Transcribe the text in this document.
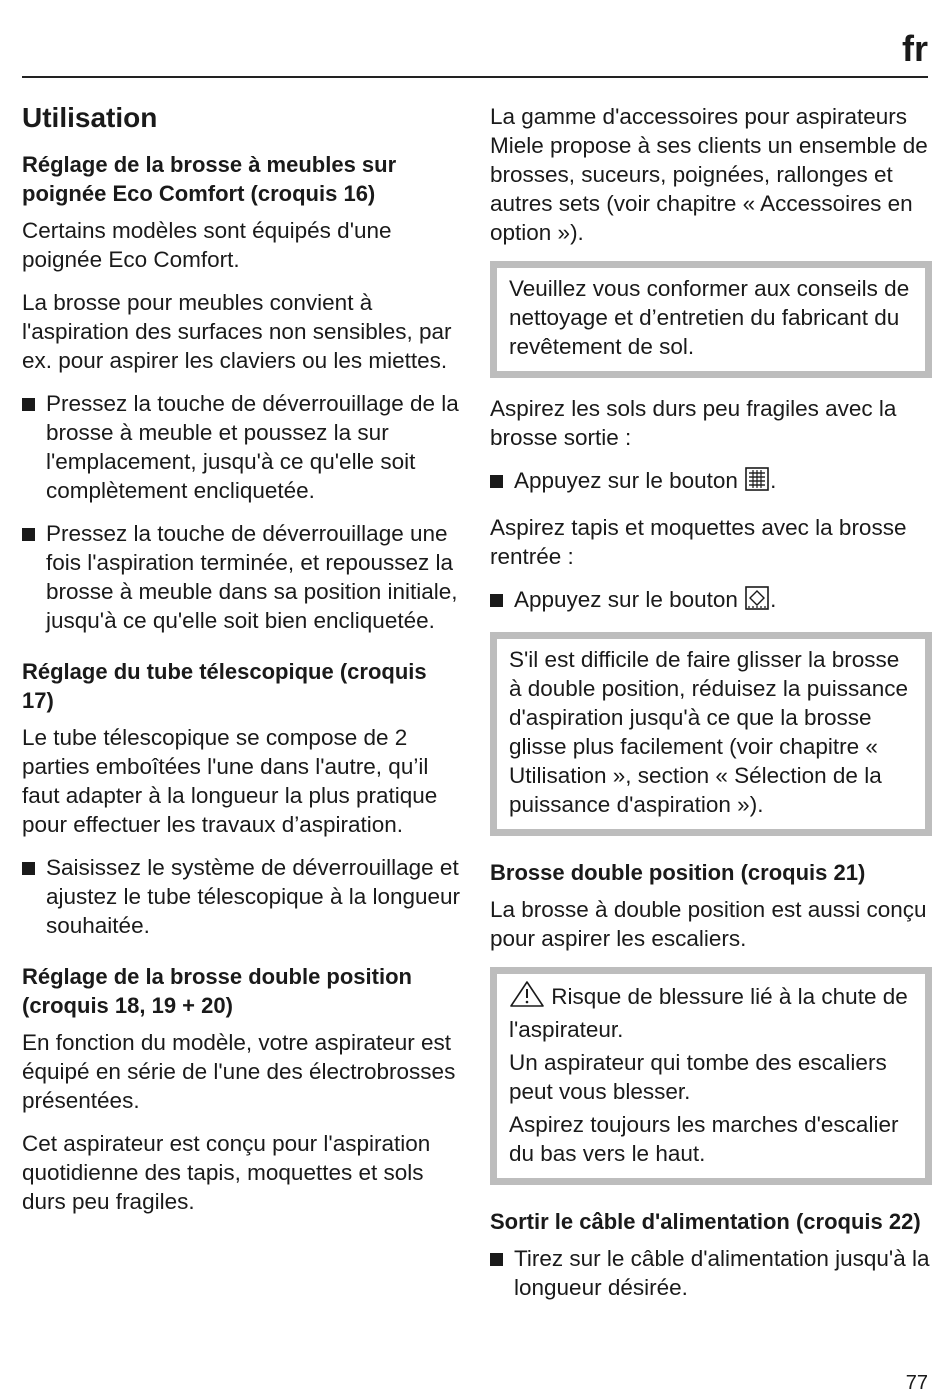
fr
Utilisation
Réglage de la brosse à meubles sur poignée Eco Comfort (croquis 16)

Certains modèles sont équipés d'une poignée Eco Comfort.

La brosse pour meubles convient à l'aspiration des surfaces non sensibles, par ex. pour aspirer les claviers ou les miettes.

Pressez la touche de déverrouillage de la brosse à meuble et poussez la sur l'emplacement, jusqu'à ce qu'elle soit complètement encliquetée.
Pressez la touche de déverrouillage une fois l'aspiration terminée, et repoussez la brosse à meuble dans sa position initiale, jusqu'à ce qu'elle soit bien encliquetée.
Réglage du tube télescopique (croquis 17)

Le tube télescopique se compose de 2 parties emboîtées l'une dans l'autre, qu’il faut adapter à la longueur la plus pratique pour effectuer les travaux d’aspiration.

Saisissez le système de déverrouillage et ajustez le tube télescopique à la longueur souhaitée.
Réglage de la brosse double position (croquis 18, 19 + 20)

En fonction du modèle, votre aspirateur est équipé en série de l'une des électrobrosses présentées.

Cet aspirateur est conçu pour l'aspiration quotidienne des tapis, moquettes et sols durs peu fragiles.

La gamme d'accessoires pour aspirateurs Miele propose à ses clients un ensemble de brosses, suceurs, poignées, rallonges et autres sets (voir chapitre « Accessoires en option »).

Veuillez vous conformer aux conseils de nettoyage et d’entretien du fabricant du revêtement de sol.

Aspirez les sols durs peu fragiles avec la brosse sortie :

Appuyez sur le bouton .

Aspirez tapis et moquettes avec la brosse rentrée :

Appuyez sur le bouton .

S'il est difficile de faire glisser la brosse à double position, réduisez la puissance d'aspiration jusqu'à ce que la brosse glisse plus facilement (voir chapitre « Utilisation », section « Sélection de la puissance d'aspiration »).

Brosse double position (croquis 21)

La brosse à double position est aussi conçu pour aspirer les escaliers.

Risque de blessure lié à la chute de l'aspirateur.

Un aspirateur qui tombe des escaliers peut vous blesser.

Aspirez toujours les marches d'escalier du bas vers le haut.

Sortir le câble d'alimentation (croquis 22)
Tirez sur le câble d'alimentation jusqu'à la longueur désirée.
77
